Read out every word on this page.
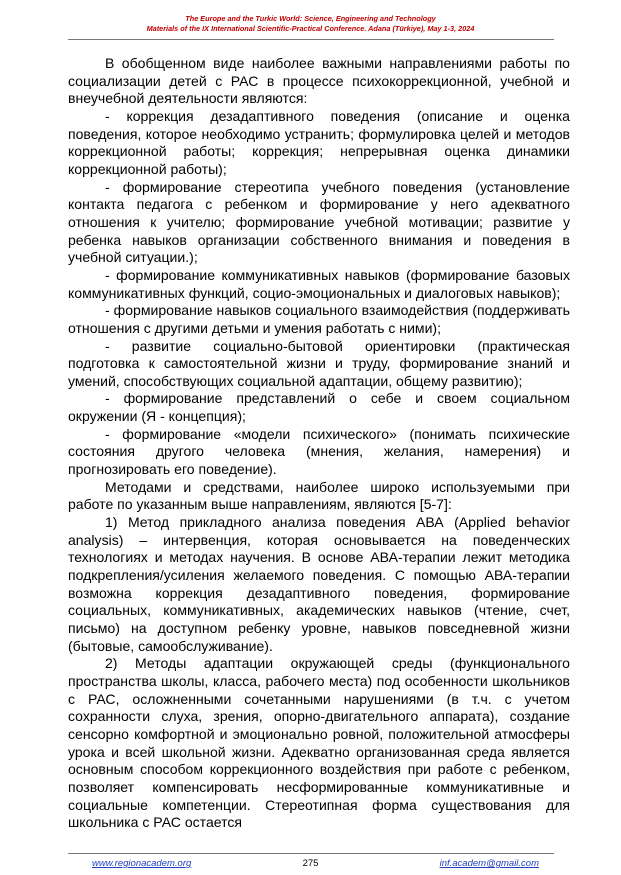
The Europe and the Turkic World: Science, Engineering and Technology
Materials of the IX International Scientific-Practical Conference. Adana (Türkiye), May 1-3, 2024

В обобщенном виде наиболее важными направлениями работы по социализации детей с РАС в процессе психокоррекционной, учебной и внеучебной деятельности являются:

- коррекция дезадаптивного поведения (описание и оценка поведения, которое необходимо устранить; формулировка целей и методов коррекционной работы; коррекция; непрерывная оценка динамики коррекционной работы);

- формирование стереотипа учебного поведения (установление контакта педагога с ребенком и формирование у него адекватного отношения к учителю; формирование учебной мотивации; развитие у ребенка навыков организации собственного внимания и поведения в учебной ситуации.);

- формирование коммуникативных навыков (формирование базовых коммуникативных функций, социо-эмоциональных и диалоговых навыков);

- формирование навыков социального взаимодействия (поддерживать отношения с другими детьми и умения работать с ними);

- развитие социально-бытовой ориентировки (практическая подготовка к самостоятельной жизни и труду, формирование знаний и умений, способствующих социальной адаптации, общему развитию);

- формирование представлений о себе и своем социальном окружении (Я - концепция);

- формирование «модели психического» (понимать психические состояния другого человека (мнения, желания, намерения) и прогнозировать его поведение).

Методами и средствами, наиболее широко используемыми при работе по указанным выше направлениям, являются [5-7]:

1) Метод прикладного анализа поведения АВА (Applied behavior analysis) – интервенция, которая основывается на поведенческих технологиях и методах научения. В основе АВА-терапии лежит методика подкрепления/усиления желаемого поведения. С помощью АВА-терапии возможна коррекция дезадаптивного поведения, формирование социальных, коммуникативных, академических навыков (чтение, счет, письмо) на доступном ребенку уровне, навыков повседневной жизни (бытовые, самообслуживание).

2) Методы адаптации окружающей среды (функционального пространства школы, класса, рабочего места) под особенности школьников с РАС, осложненными сочетанными нарушениями (в т.ч. с учетом сохранности слуха, зрения, опорно-двигательного аппарата), создание сенсорно комфортной и эмоционально ровной, положительной атмосферы урока и всей школьной жизни. Адекватно организованная среда является основным способом коррекционного воздействия при работе с ребенком, позволяет компенсировать несформированные коммуникативные и социальные компетенции. Стереотипная форма существования для школьника с РАС остается

www.regionacadem.org	275	inf.academ@gmail.com
